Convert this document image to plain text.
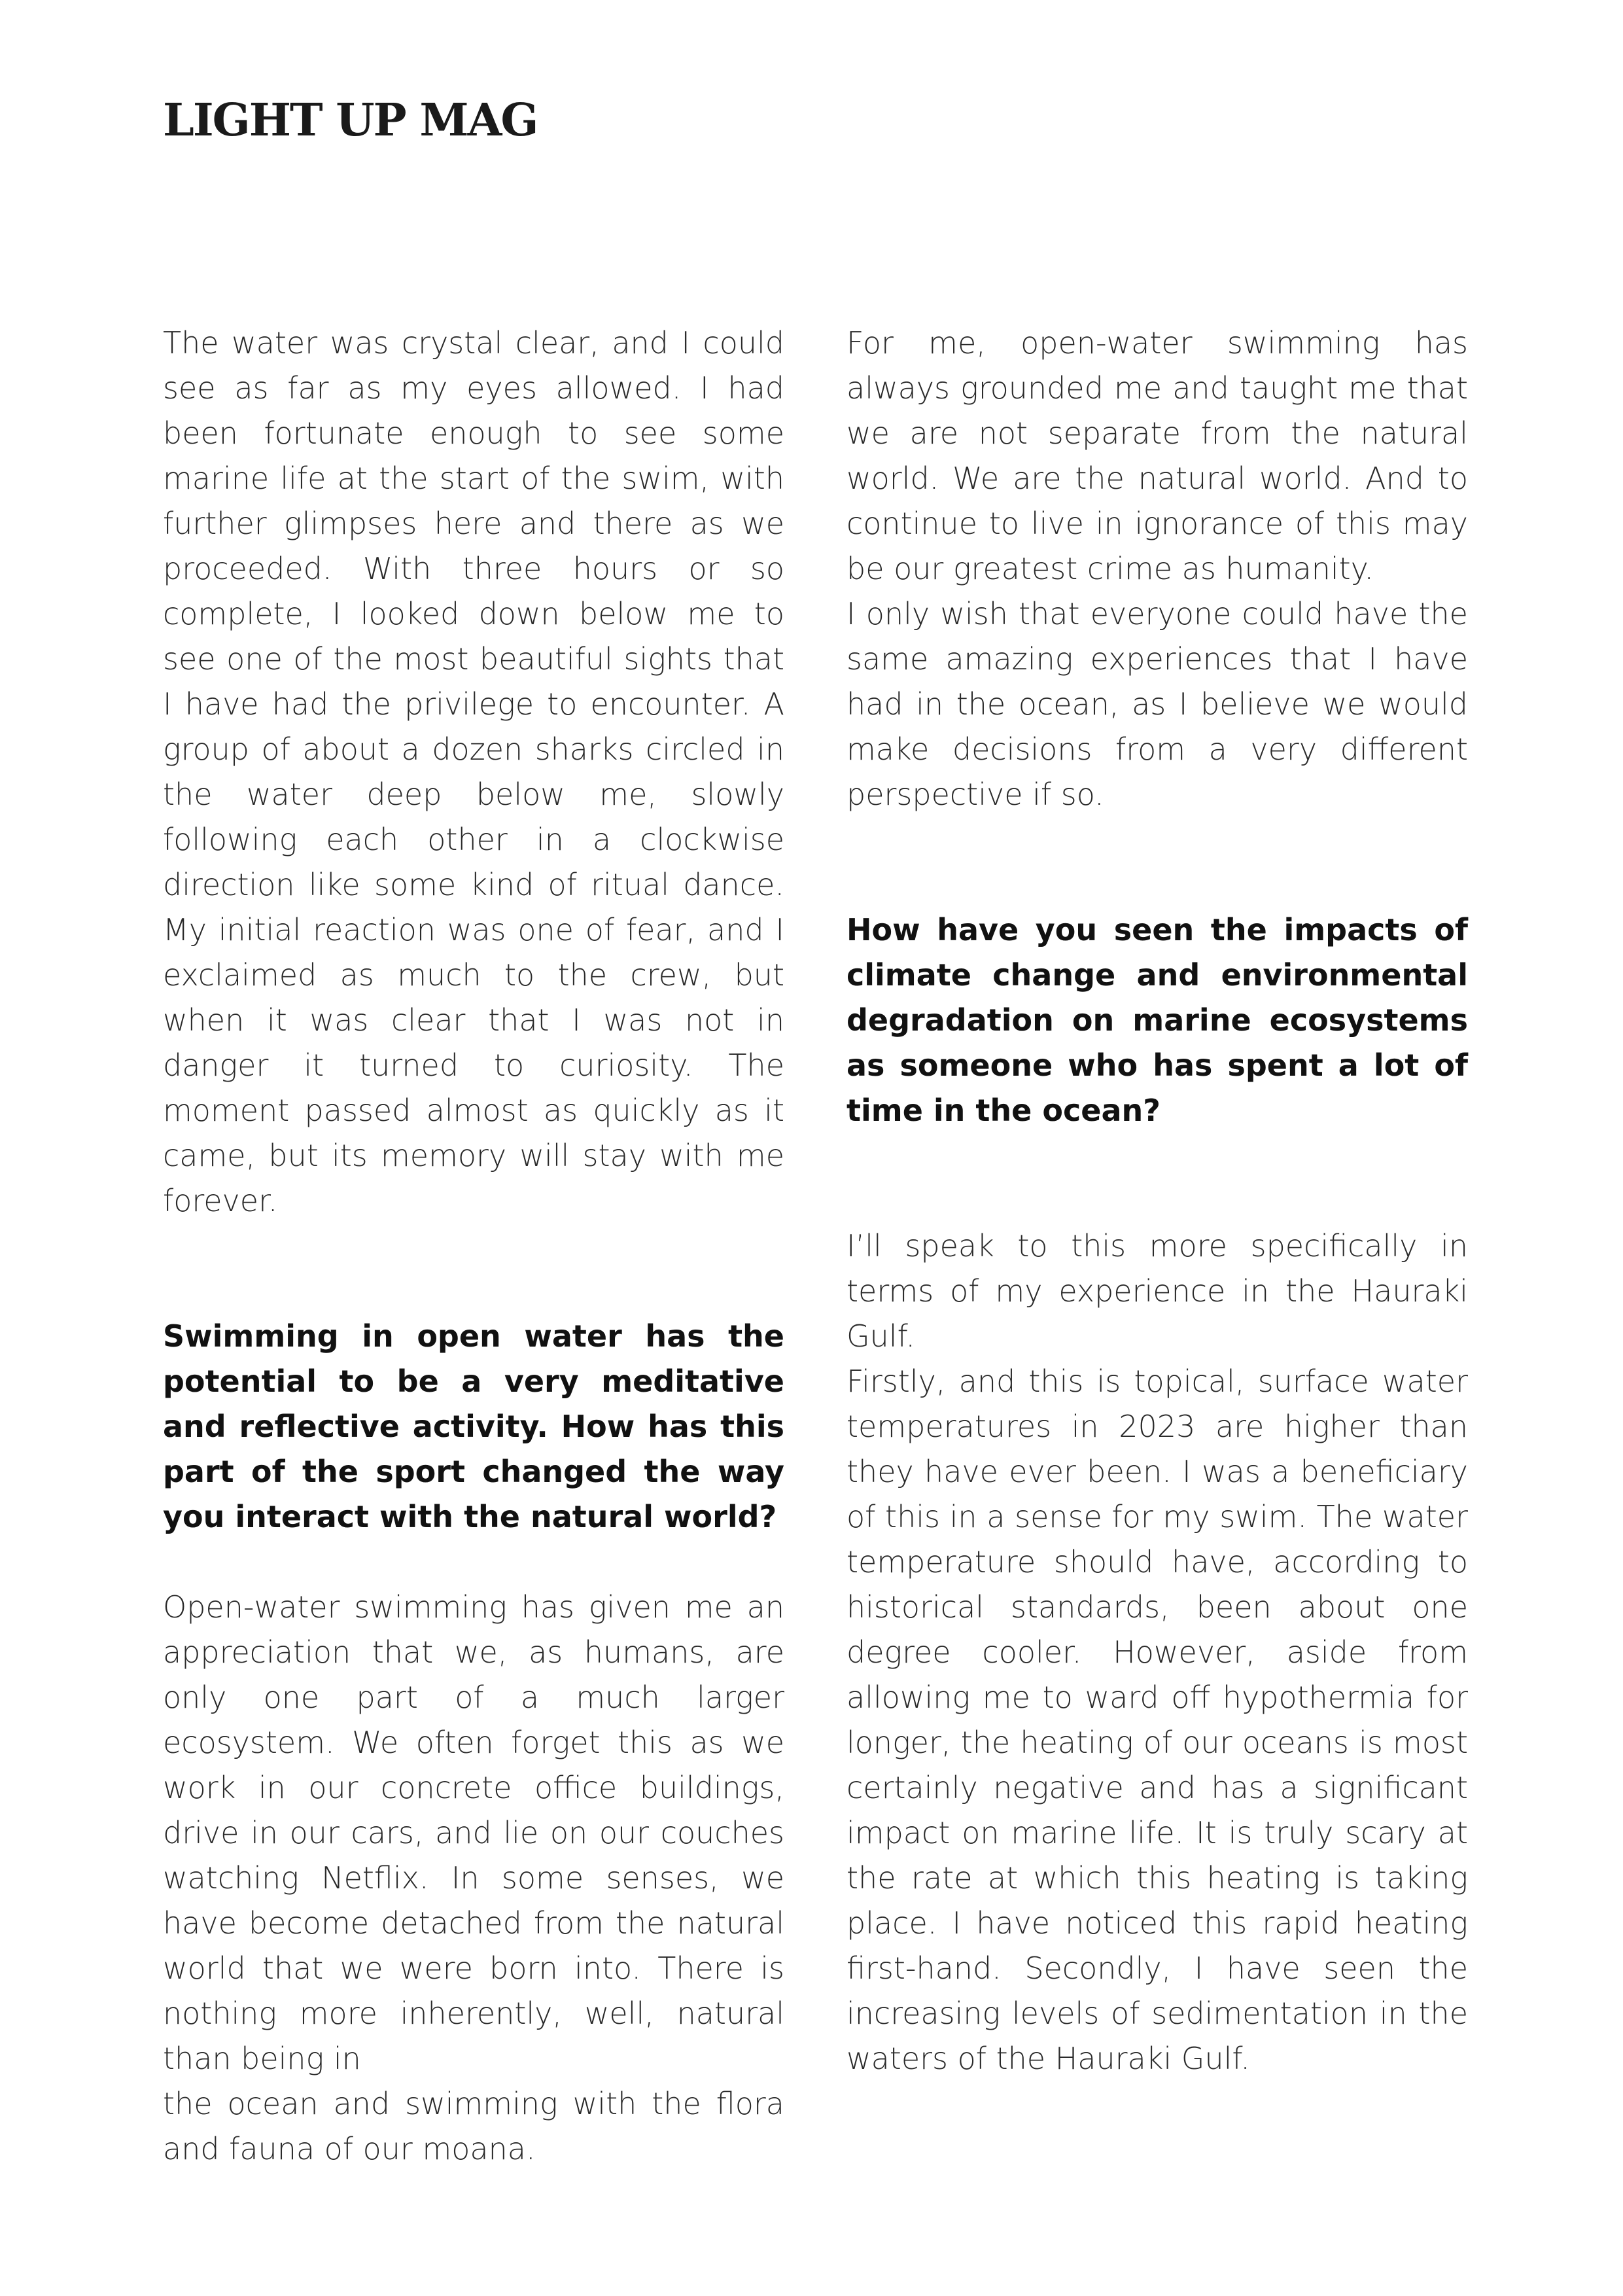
LIGHT UP MAG

The water was crystal clear, and I could see as far as my eyes allowed. I had been fortunate enough to see some marine life at the start of the swim, with further glimpses here and there as we proceeded. With three hours or so complete, I looked down below me to see one of the most beautiful sights that I have had the privilege to encounter. A group of about a dozen sharks circled in the water deep below me, slowly following each other in a clockwise direction like some kind of ritual dance. My initial reaction was one of fear, and I exclaimed as much to the crew, but when it was clear that I was not in danger it turned to curiosity. The moment passed almost as quickly as it came, but its memory will stay with me forever.

Swimming in open water has the potential to be a very meditative and reflective activity. How has this part of the sport changed the way you interact with the natural world?

Open-water swimming has given me an appreciation that we, as humans, are only one part of a much larger ecosystem. We often forget this as we work in our concrete office buildings, drive in our cars, and lie on our couches watching Netflix. In some senses, we have become detached from the natural world that we were born into. There is nothing more inherently, well, natural than being in

the ocean and swimming with the flora and fauna of our moana.

For me, open-water swimming has always grounded me and taught me that we are not separate from the natural world. We are the natural world. And to continue to live in ignorance of this may be our greatest crime as humanity.

I only wish that everyone could have the same amazing experiences that I have had in the ocean, as I believe we would make decisions from a very different perspective if so.

How have you seen the impacts of climate change and environmental degradation on marine ecosystems as someone who has spent a lot of time in the ocean?

I’ll speak to this more specifically in terms of my experience in the Hauraki Gulf.

Firstly, and this is topical, surface water temperatures in 2023 are higher than they have ever been. I was a beneficiary of this in a sense for my swim. The water temperature should have, according to historical standards, been about one degree cooler. However, aside from allowing me to ward off hypothermia for longer, the heating of our oceans is most certainly negative and has a significant impact on marine life. It is truly scary at the rate at which this heating is taking place. I have noticed this rapid heating first-hand. Secondly, I have seen the increasing levels of sedimentation in the waters of the Hauraki Gulf.
